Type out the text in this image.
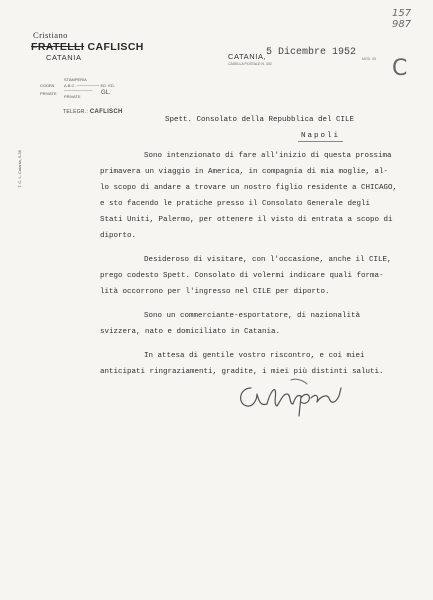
Cristiano
FRATELLI CAFLISCH
CATANIA
CODEN
PRIVATE
STAMPERIA
A.B.C. ──────── ED. ED.
──────────
PRIVATE	GL.
TELEGR.: CAFLISCH
T. C. L. Catania, 5-36
CATANIA, 5 Dicembre 1952
CASELLA POSTALE N. 302
157
987
MOD. 05 C
Spett. Consolato della Repubblica del CILE
Napoli
Sono intenzionato di fare all'inizio di questa prossima
primavera un viaggio in America, in compagnia di mia moglie, al-
lo scopo di andare a trovare un nostro figlio residente a CHICAGO,
e sto facendo le pratiche presso il Consolato Generale degli
Stati Uniti, Palermo, per ottenere il visto di entrata a scopo di
diporto.
Desideroso di visitare, con l'occasione, anche il CILE,
prego codesto Spett. Consolato di volermi indicare quali forma-
lità occorrono per l'ingresso nel CILE per diporto.
Sono un commerciante-esportatore, di nazionalità
svizzera, nato e domiciliato in Catania.
In attesa di gentile vostro riscontro, e coi miei
anticipati ringraziamenti, gradite, i miei più distinti saluti.
